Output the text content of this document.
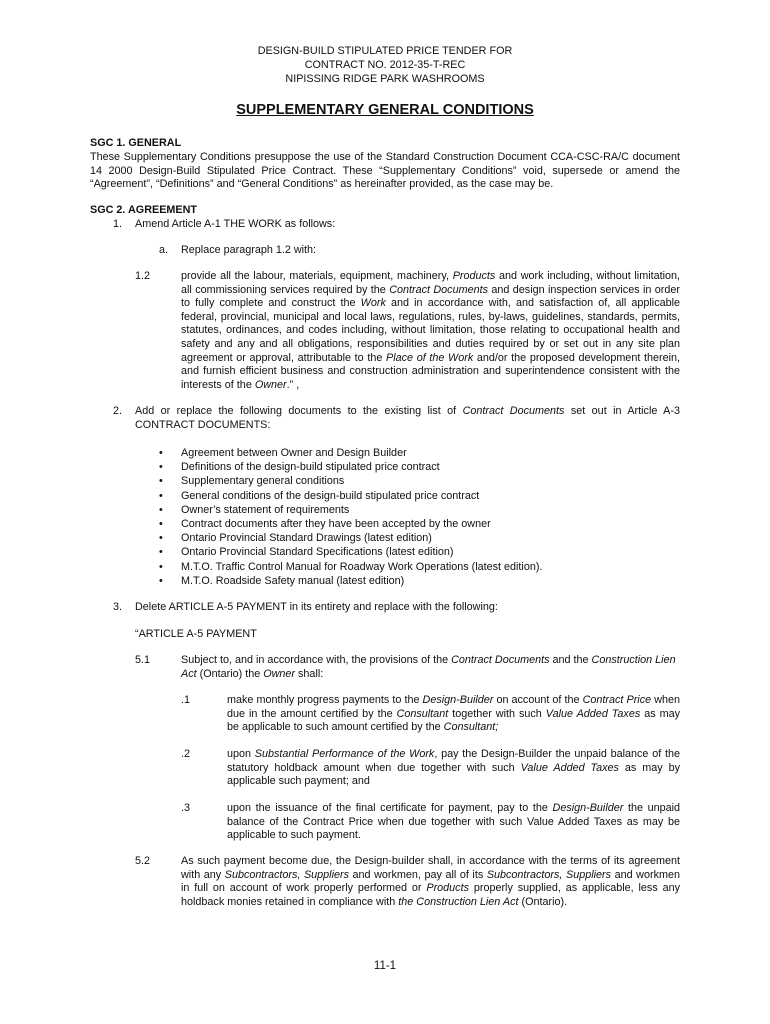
DESIGN-BUILD STIPULATED PRICE TENDER FOR
CONTRACT NO. 2012-35-T-REC
NIPISSING RIDGE PARK WASHROOMS
SUPPLEMENTARY GENERAL CONDITIONS
SGC 1. GENERAL
These Supplementary Conditions presuppose the use of the Standard Construction Document CCA-CSC-RA/C document 14 2000 Design-Build Stipulated Price Contract. These “Supplementary Conditions” void, supersede or amend the “Agreement”, “Definitions” and “General Conditions” as hereinafter provided, as the case may be.
SGC 2. AGREEMENT
1. Amend Article A-1 THE WORK as follows:
a. Replace paragraph 1.2 with:
1.2	provide all the labour, materials, equipment, machinery, Products and work including, without limitation, all commissioning services required by the Contract Documents and design inspection services in order to fully complete and construct the Work and in accordance with, and satisfaction of, all applicable federal, provincial, municipal and local laws, regulations, rules, by-laws, guidelines, standards, permits, statutes, ordinances, and codes including, without limitation, those relating to occupational health and safety and any and all obligations, responsibilities and duties required by or set out in any site plan agreement or approval, attributable to the Place of the Work and/or the proposed development therein, and furnish efficient business and construction administration and superintendence consistent with the interests of the Owner.” ,
2. Add or replace the following documents to the existing list of Contract Documents set out in Article A-3 CONTRACT DOCUMENTS:
• Agreement between Owner and Design Builder
• Definitions of the design-build stipulated price contract
• Supplementary general conditions
• General conditions of the design-build stipulated price contract
• Owner’s statement of requirements
• Contract documents after they have been accepted by the owner
• Ontario Provincial Standard Drawings (latest edition)
• Ontario Provincial Standard Specifications (latest edition)
• M.T.O. Traffic Control Manual for Roadway Work Operations (latest edition).
• M.T.O. Roadside Safety manual (latest edition)
3. Delete ARTICLE A-5 PAYMENT in its entirety and replace with the following:
“ARTICLE A-5 PAYMENT
5.1	Subject to, and in accordance with, the provisions of the Contract Documents and the Construction Lien Act (Ontario) the Owner shall:
.1	make monthly progress payments to the Design-Builder on account of the Contract Price when due in the amount certified by the Consultant together with such Value Added Taxes as may be applicable to such amount certified by the Consultant;
.2	upon Substantial Performance of the Work, pay the Design-Builder the unpaid balance of the statutory holdback amount when due together with such Value Added Taxes as may by applicable such payment; and
.3	upon the issuance of the final certificate for payment, pay to the Design-Builder the unpaid balance of the Contract Price when due together with such Value Added Taxes as may be applicable to such payment.
5.2	As such payment become due, the Design-builder shall, in accordance with the terms of its agreement with any Subcontractors, Suppliers and workmen, pay all of its Subcontractors, Suppliers and workmen in full on account of work properly performed or Products properly supplied, as applicable, less any holdback monies retained in compliance with the Construction Lien Act (Ontario).
11-1
